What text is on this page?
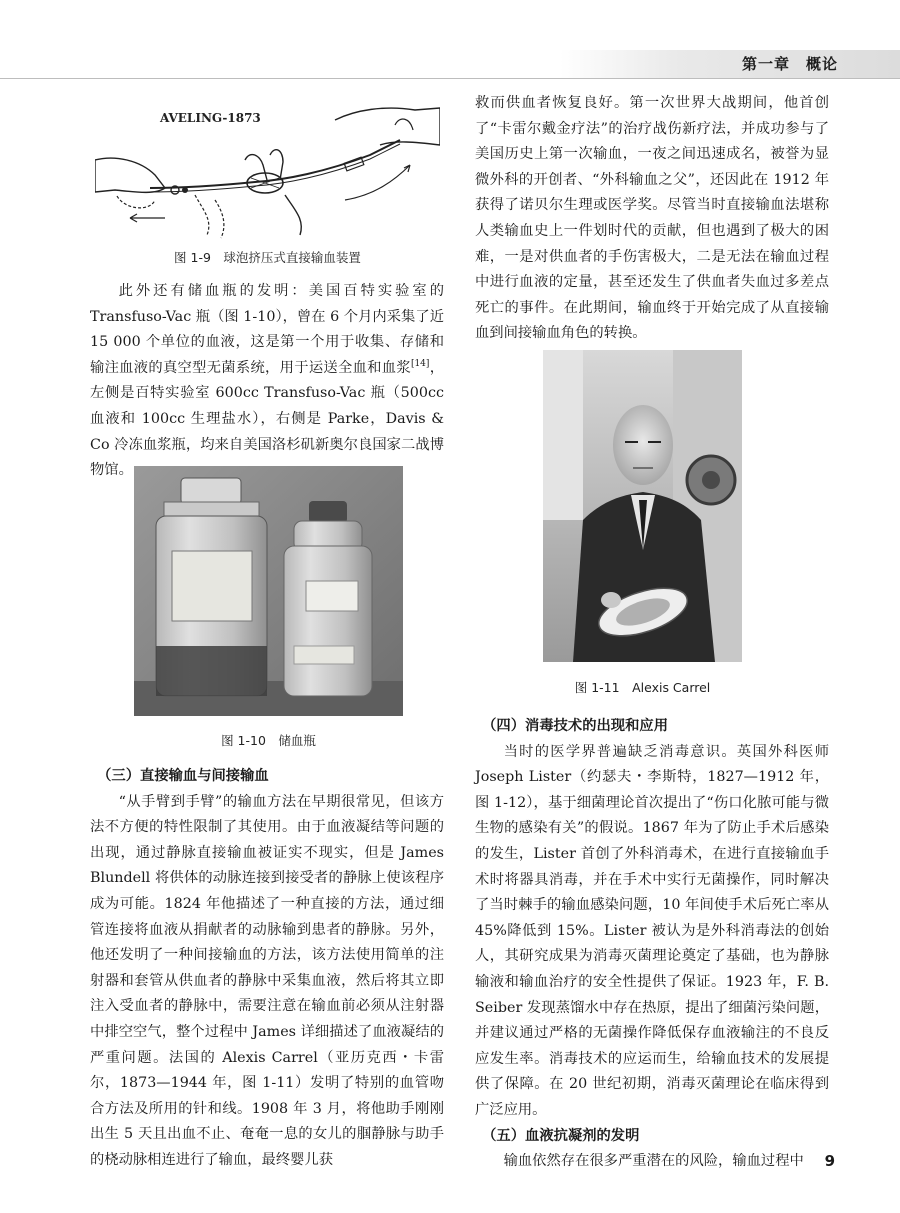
第一章　概论
AVELING-1873
图 1-9　球泡挤压式直接输血装置

此外还有储血瓶的发明：美国百特实验室的 Transfuso-Vac 瓶（图 1-10），曾在 6 个月内采集了近 15 000 个单位的血液，这是第一个用于收集、存储和输注血液的真空型无菌系统，用于运送全血和血浆[14]，左侧是百特实验室 600cc Transfuso-Vac 瓶（500cc 血液和 100cc 生理盐水），右侧是 Parke，Davis & Co 冷冻血浆瓶，均来自美国洛杉矶新奥尔良国家二战博物馆。

图 1-10　储血瓶
（三）直接输血与间接输血

“从手臂到手臂”的输血方法在早期很常见，但该方法不方便的特性限制了其使用。由于血液凝结等问题的出现，通过静脉直接输血被证实不现实，但是 James Blundell 将供体的动脉连接到接受者的静脉上使该程序成为可能。1824 年他描述了一种直接的方法，通过细管连接将血液从捐献者的动脉输到患者的静脉。另外，他还发明了一种间接输血的方法，该方法使用简单的注射器和套管从供血者的静脉中采集血液，然后将其立即注入受血者的静脉中，需要注意在输血前必须从注射器中排空空气，整个过程中 James 详细描述了血液凝结的严重问题。法国的 Alexis Carrel（亚历克西・卡雷尔，1873—1944 年，图 1-11）发明了特别的血管吻合方法及所用的针和线。1908 年 3 月，将他助手刚刚出生 5 天且出血不止、奄奄一息的女儿的腘静脉与助手的桡动脉相连进行了输血，最终婴儿获

救而供血者恢复良好。第一次世界大战期间，他首创了“卡雷尔戴金疗法”的治疗战伤新疗法，并成功参与了美国历史上第一次输血，一夜之间迅速成名，被誉为显微外科的开创者、“外科输血之父”，还因此在 1912 年获得了诺贝尔生理或医学奖。尽管当时直接输血法堪称人类输血史上一件划时代的贡献，但也遇到了极大的困难，一是对供血者的手伤害极大，二是无法在输血过程中进行血液的定量，甚至还发生了供血者失血过多差点死亡的事件。在此期间，输血终于开始完成了从直接输血到间接输血角色的转换。

图 1-11　Alexis Carrel
（四）消毒技术的出现和应用

当时的医学界普遍缺乏消毒意识。英国外科医师 Joseph Lister（约瑟夫・李斯特，1827—1912 年，图 1-12），基于细菌理论首次提出了“伤口化脓可能与微生物的感染有关”的假说。1867 年为了防止手术后感染的发生，Lister 首创了外科消毒术，在进行直接输血手术时将器具消毒，并在手术中实行无菌操作，同时解决了当时棘手的输血感染问题，10 年间使手术后死亡率从 45%降低到 15%。Lister 被认为是外科消毒法的创始人，其研究成果为消毒灭菌理论奠定了基础，也为静脉输液和输血治疗的安全性提供了保证。1923 年，F. B. Seiber 发现蒸馏水中存在热原，提出了细菌污染问题，并建议通过严格的无菌操作降低保存血液输注的不良反应发生率。消毒技术的应运而生，给输血技术的发展提供了保障。在 20 世纪初期，消毒灭菌理论在临床得到广泛应用。

（五）血液抗凝剂的发明

输血依然存在很多严重潜在的风险，输血过程中	9
